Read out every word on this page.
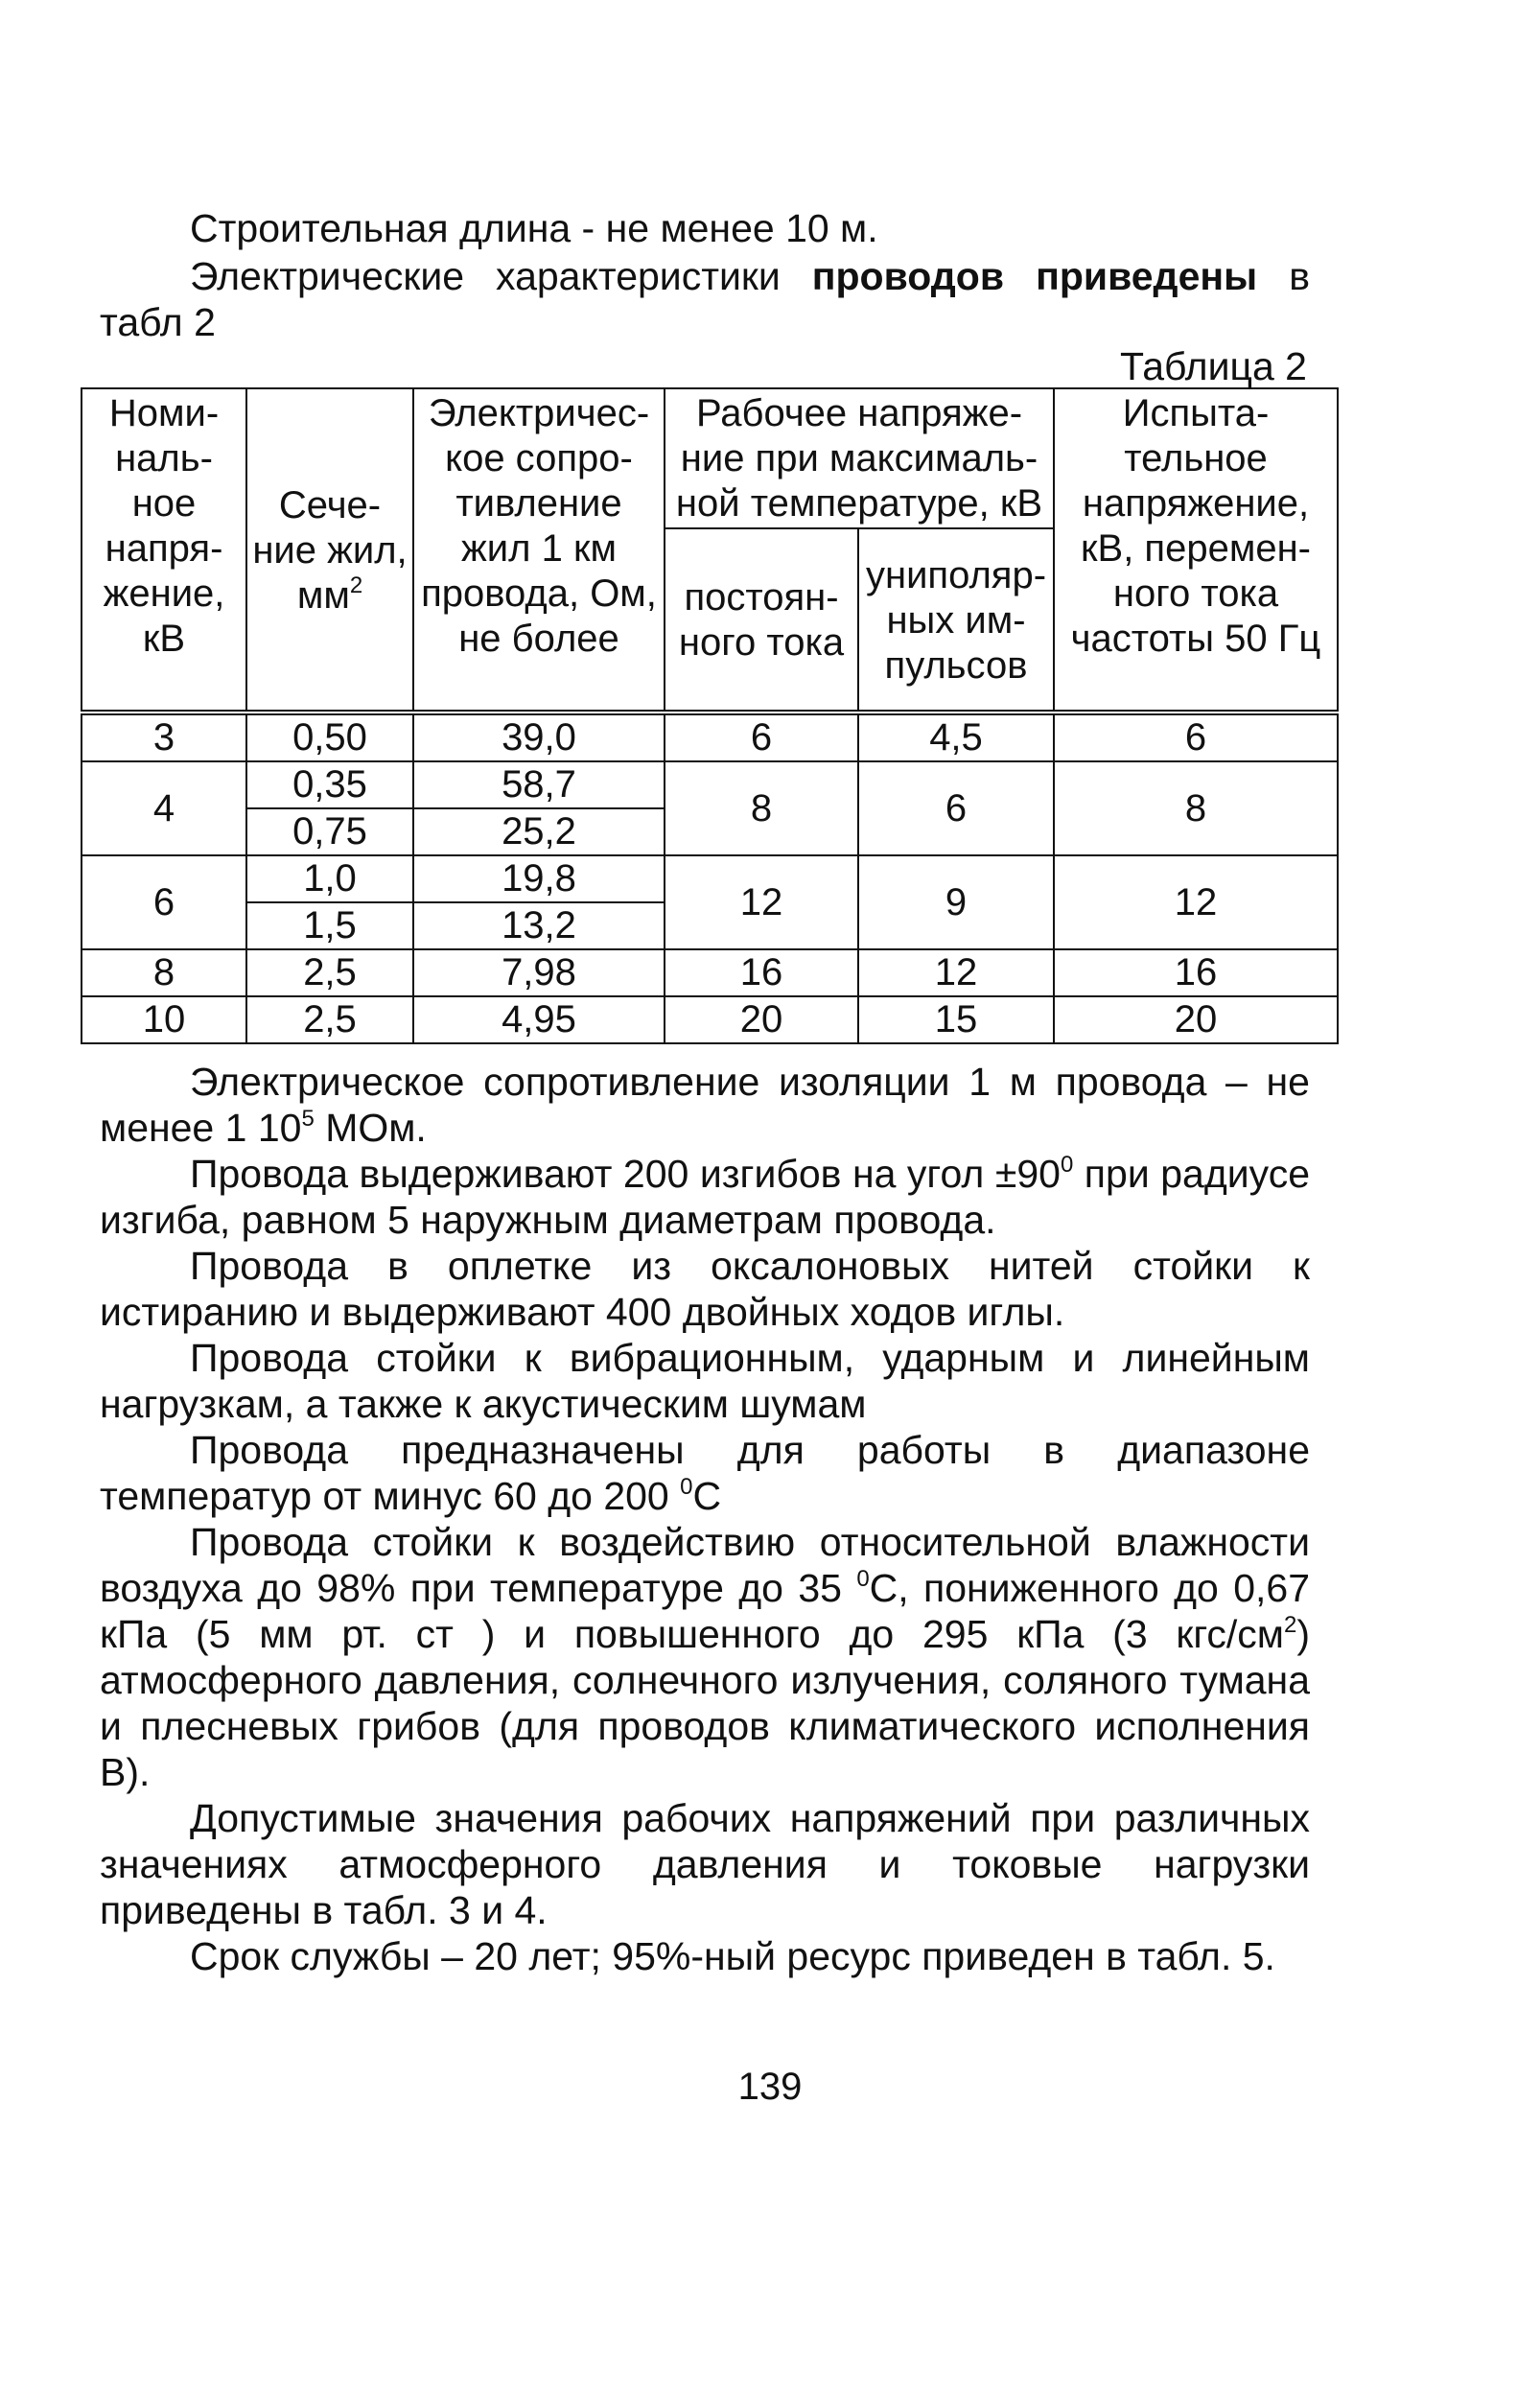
Строительная длина - не менее 10 м.
Электрические характеристики проводов приведены в табл 2
Таблица 2
Номи-наль-ное напря-жение, кВ	Сече-ние жил, $мм^2$	Электричес-кое сопро-тивление жил 1 км провода, Ом, не более	Рабочее напряже-ние при максималь-ной температуре, кВ		Испыта-тельное напряжение, кВ, перемен-ного тока частоты 50 Гц
			постоян-ного тока	униполяр-ных им-пульсов	
3	0,50	39,0	6	4,5	6
4	0,35	58,7	8	6	8
	0,75	25,2			
6	1,0	19,8	12	9	12
	1,5	13,2			
8	2,5	7,98	16	12	16
10	2,5	4,95	20	15	20
Электрическое сопротивление изоляции 1 м провода – не менее 1 $10^5$ МОм.
Провода выдерживают 200 изгибов на угол $\pm 90^0$ при радиусе изгиба, равном 5 наружным диаметрам провода.
Провода в оплетке из оксалоновых нитей стойки к истиранию и выдерживают 400 двойных ходов иглы.
Провода стойки к вибрационным, ударным и линейным нагрузкам, а также к акустическим шумам
Провода предназначены для работы в диапазоне температур от минус 60 до 200 $^0$С
Провода стойки к воздействию относительной влажности воздуха до 98% при температуре до 35 $^0$С, пониженного до 0,67 кПа (5 мм рт. ст ) и повышенного до 295 кПа (3 кгс/$см^2$) атмосферного давления, солнечного излучения, соляного тумана и плесневых грибов (для проводов климатического исполнения В).
Допустимые значения рабочих напряжений при различных значениях атмосферного давления и токовые нагрузки приведены в табл. 3 и 4.
Срок службы – 20 лет; 95%-ный ресурс приведен в табл. 5.
139
